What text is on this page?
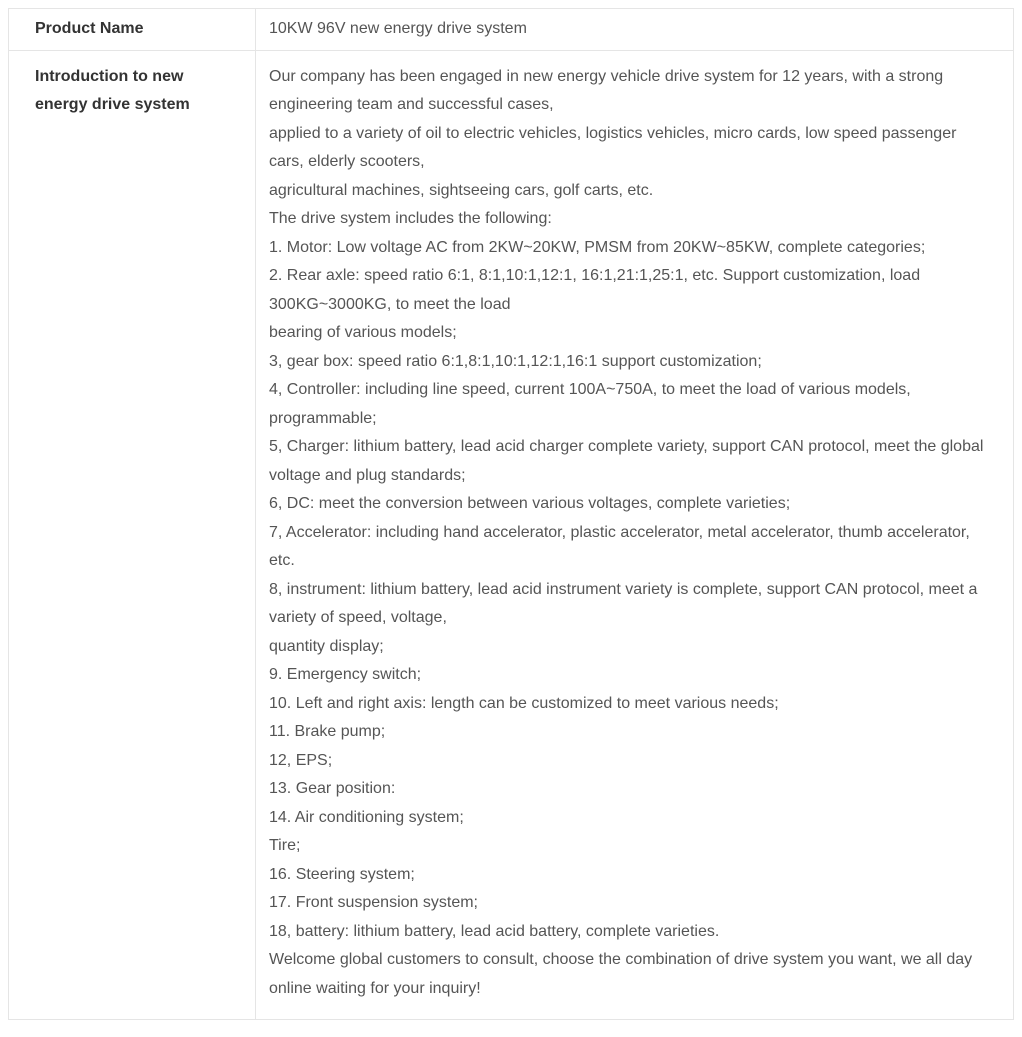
Product Name	10KW 96V new energy drive system
Introduction to new energy drive system
Our company has been engaged in new energy vehicle drive system for 12 years, with a strong engineering team and successful cases,
applied to a variety of oil to electric vehicles, logistics vehicles, micro cards, low speed passenger cars, elderly scooters,
agricultural machines, sightseeing cars, golf carts, etc.
The drive system includes the following:
1. Motor: Low voltage AC from 2KW~20KW, PMSM from 20KW~85KW, complete categories;
2. Rear axle: speed ratio 6:1, 8:1,10:1,12:1, 16:1,21:1,25:1, etc. Support customization, load 300KG~3000KG, to meet the load
bearing of various models;
3, gear box: speed ratio 6:1,8:1,10:1,12:1,16:1 support customization;
4, Controller: including line speed, current 100A~750A, to meet the load of various models, programmable;
5, Charger: lithium battery, lead acid charger complete variety, support CAN protocol, meet the global voltage and plug standards;
6, DC: meet the conversion between various voltages, complete varieties;
7, Accelerator: including hand accelerator, plastic accelerator, metal accelerator, thumb accelerator, etc.
8, instrument: lithium battery, lead acid instrument variety is complete, support CAN protocol, meet a variety of speed, voltage,
quantity display;
9. Emergency switch;
10. Left and right axis: length can be customized to meet various needs;
11. Brake pump;
12, EPS;
13. Gear position:
14. Air conditioning system;
Tire;
16. Steering system;
17. Front suspension system;
18, battery: lithium battery, lead acid battery, complete varieties.
Welcome global customers to consult, choose the combination of drive system you want, we all day online waiting for your inquiry!
